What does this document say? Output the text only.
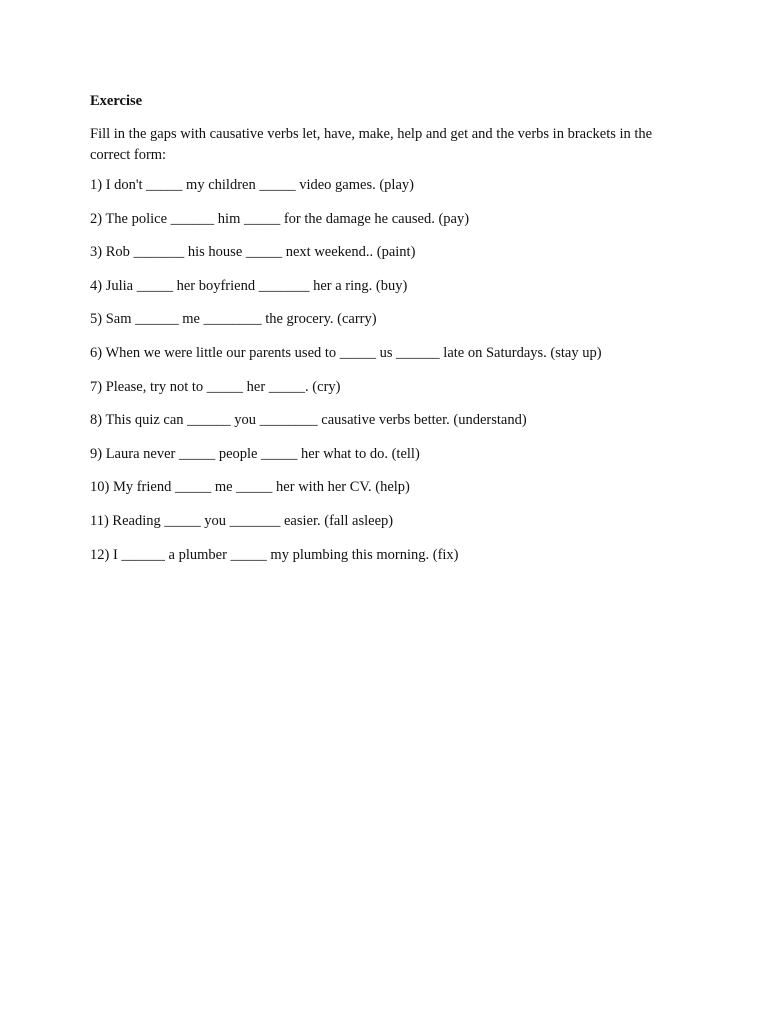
Exercise
Fill in the gaps with causative verbs let, have, make, help and get and the verbs in brackets in the correct form:
1) I don't _____ my children _____ video games. (play)
2) The police ______ him _____ for the damage he caused. (pay)
3) Rob _______ his house _____ next weekend.. (paint)
4) Julia _____ her boyfriend _______ her a ring. (buy)
5) Sam ______ me ________ the grocery. (carry)
6) When we were little our parents used to _____ us ______ late on Saturdays. (stay up)
7) Please, try not to _____ her _____. (cry)
8) This quiz can ______ you ________ causative verbs better. (understand)
9) Laura never _____ people _____ her what to do. (tell)
10) My friend _____ me _____ her with her CV. (help)
11) Reading _____ you _______ easier. (fall asleep)
12) I ______ a plumber _____ my plumbing this morning. (fix)
